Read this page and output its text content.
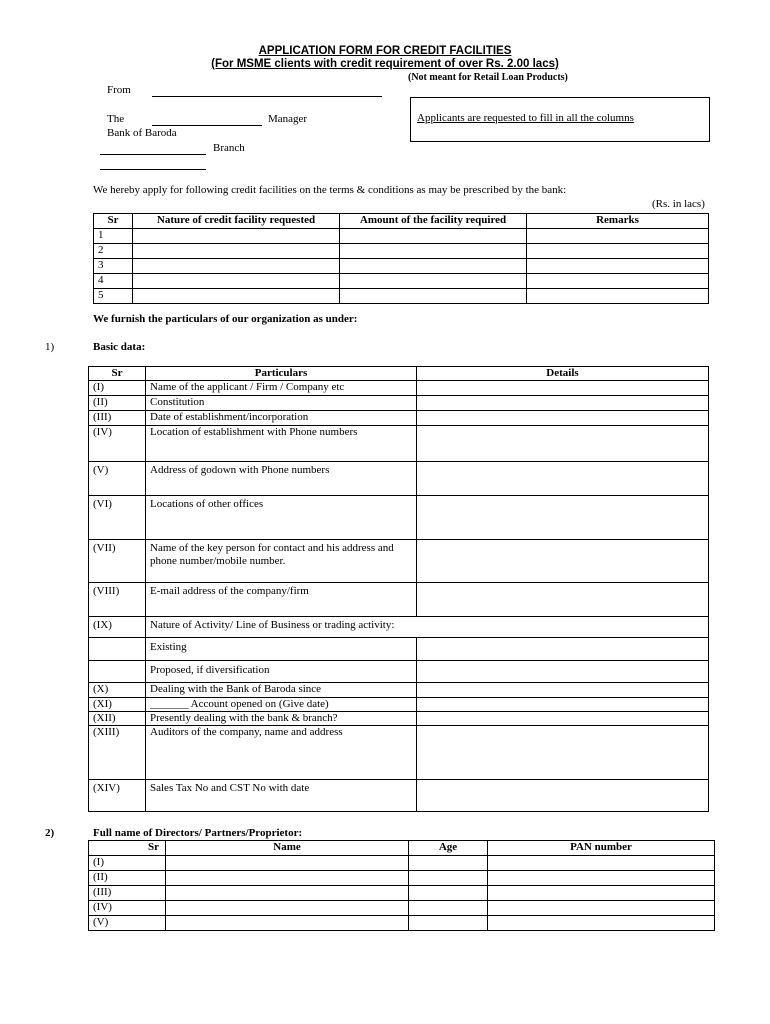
APPLICATION FORM FOR CREDIT FACILITIES
(For MSME clients with credit requirement of over Rs. 2.00 lacs)
(Not meant for Retail Loan Products)
From
The	Manager
Bank of Baroda
Branch
Applicants are requested to fill in all the columns
We hereby apply for following credit facilities on the terms & conditions as may be prescribed by the bank:
(Rs. in lacs)
Sr	Nature of credit facility requested	Amount of the facility required	Remarks
1			
2			
3			
4			
5			
We furnish the particulars of our organization as under:
1)	Basic data:
Sr	Particulars	Details
(I)	Name of the applicant / Firm / Company etc	
(II)	Constitution	
(III)	Date of establishment/incorporation	
(IV)	Location of establishment with Phone numbers	
(V)	Address of godown with Phone numbers	
(VI)	Locations of other offices	
(VII)	Name of the key person for contact and his address and phone number/mobile number.	
(VIII)	E-mail address of the company/firm	
(IX)	Nature of Activity/ Line of Business or trading activity:	
	Existing	
	Proposed, if diversification	
(X)	Dealing with the Bank of Baroda since	
(XI)	_______ Account opened on (Give date)	
(XII)	Presently dealing with the bank & branch?	
(XIII)	Auditors of the company, name and address	
(XIV)	Sales Tax No and CST No with date	
2)	Full name of Directors/ Partners/Proprietor:
Sr	Name	Age	PAN number
(I)			
(II)			
(III)			
(IV)			
(V)			
